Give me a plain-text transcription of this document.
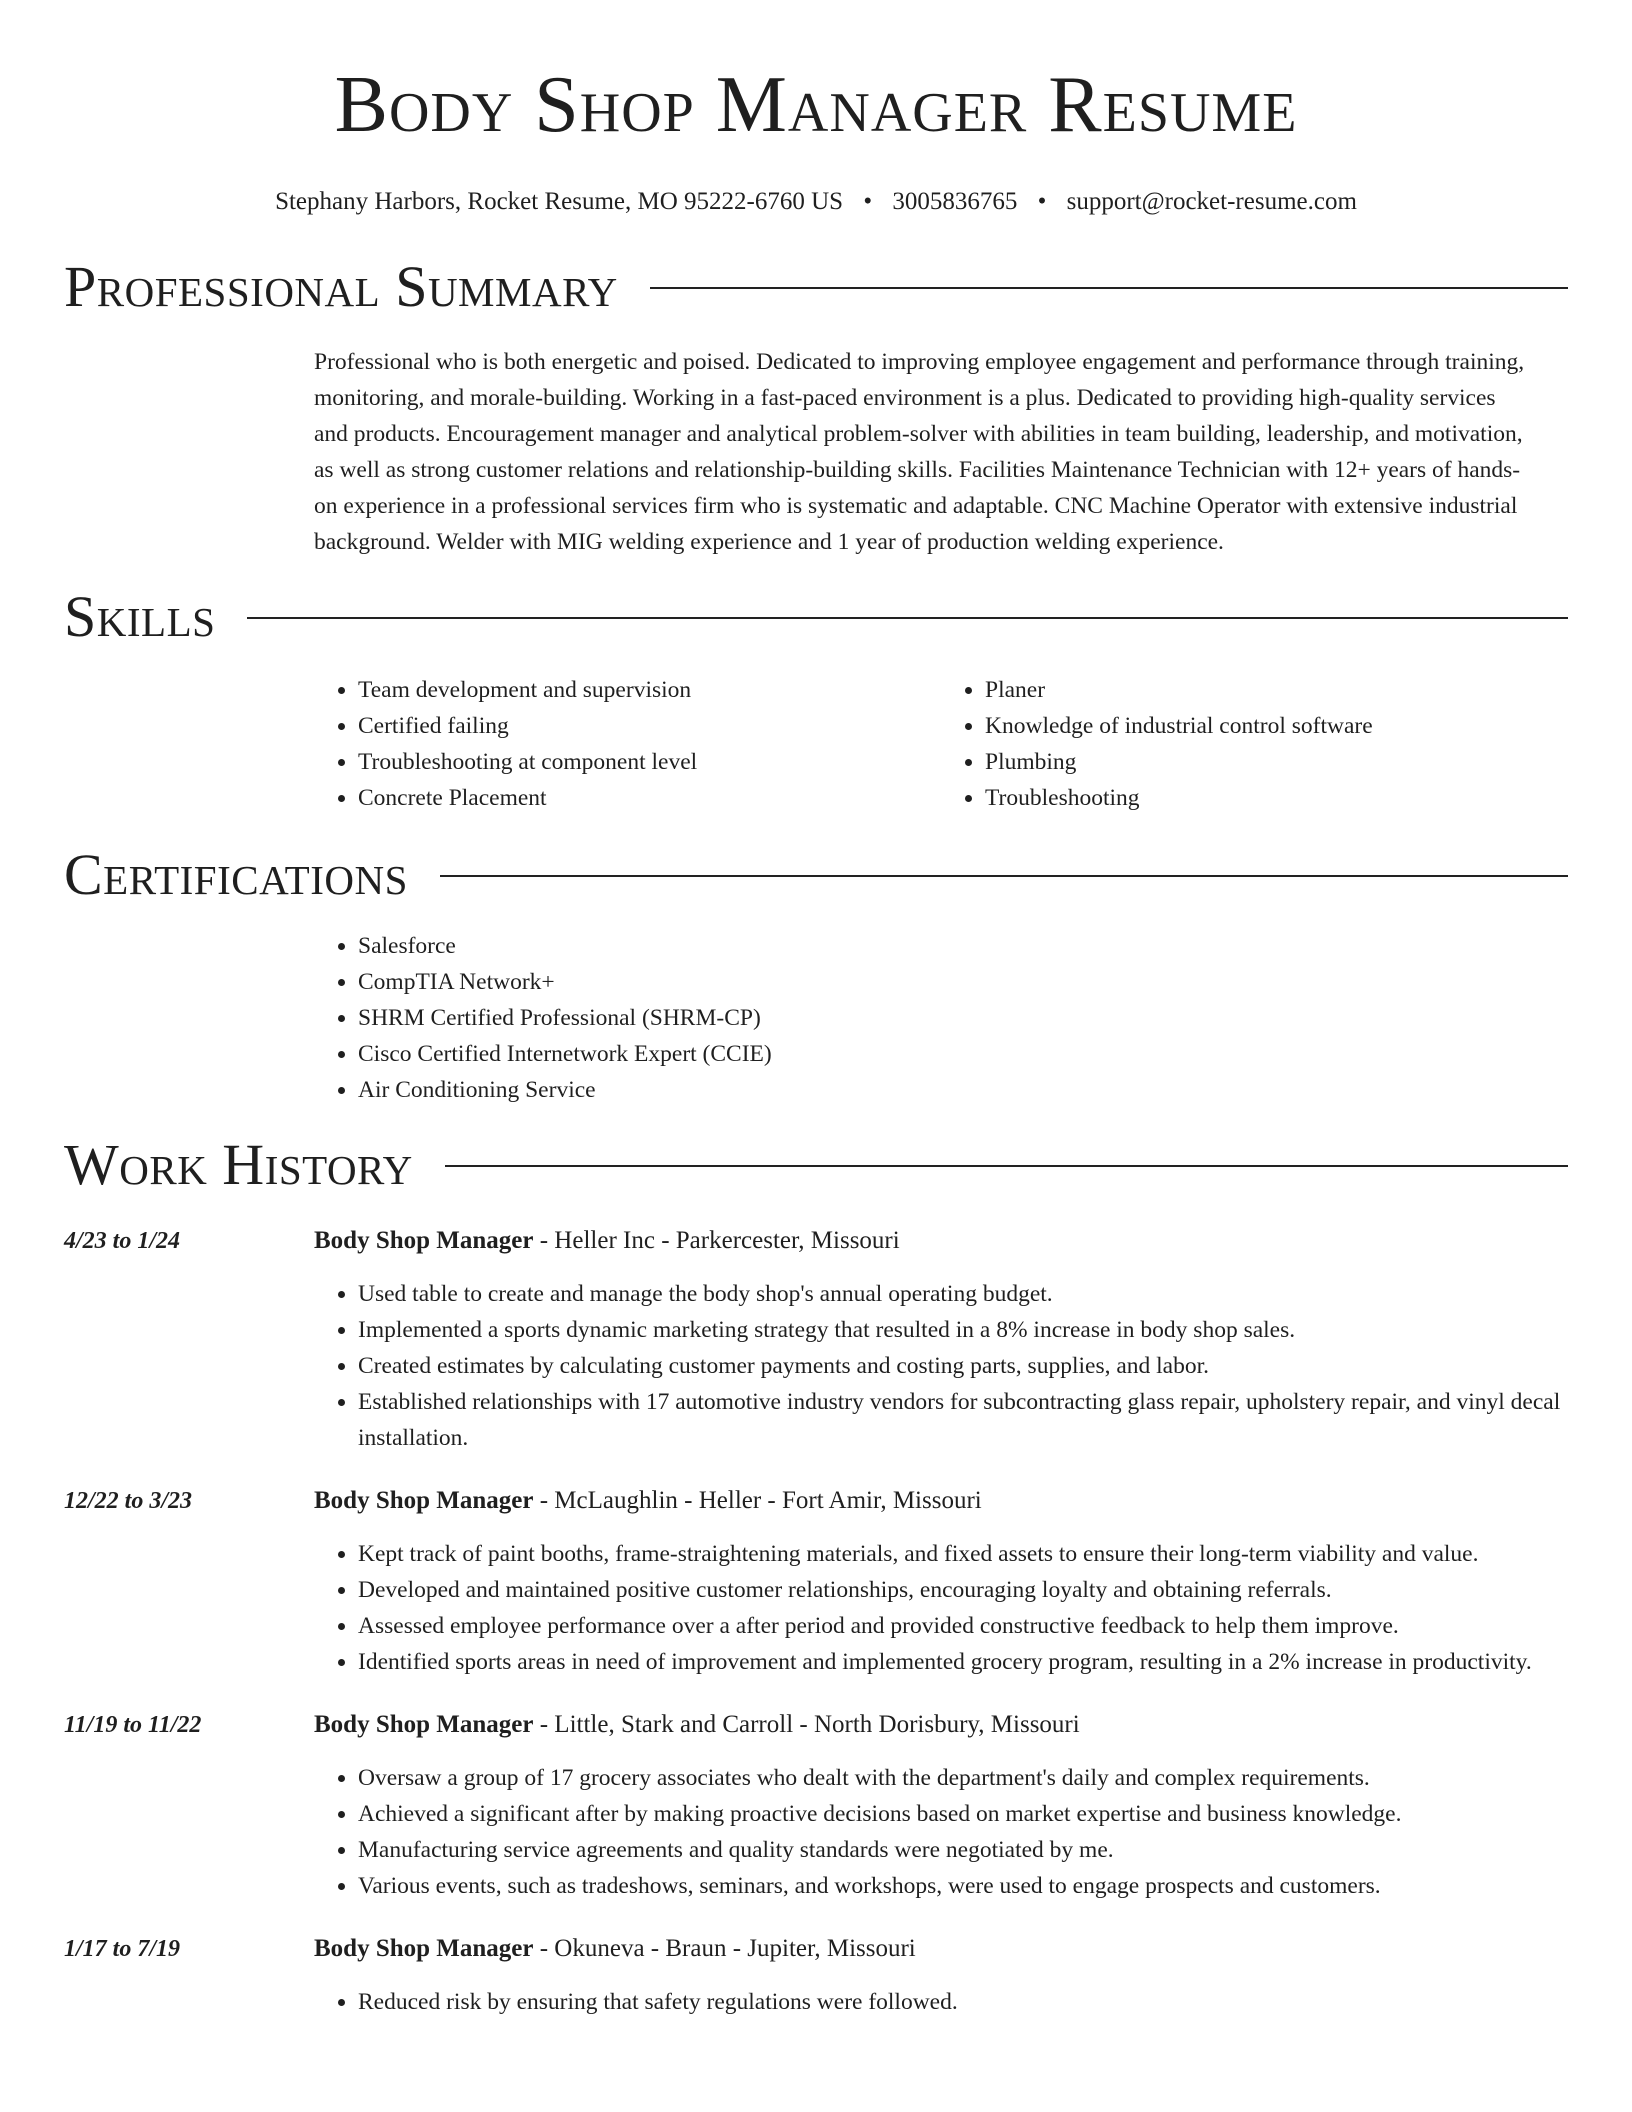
Body Shop Manager Resume
Stephany Harbors, Rocket Resume, MO 95222-6760 US • 3005836765 • support@rocket-resume.com
Professional Summary

Professional who is both energetic and poised. Dedicated to improving employee engagement and performance through training, monitoring, and morale-building. Working in a fast-paced environment is a plus. Dedicated to providing high-quality services and products. Encouragement manager and analytical problem-solver with abilities in team building, leadership, and motivation, as well as strong customer relations and relationship-building skills. Facilities Maintenance Technician with 12+ years of hands-on experience in a professional services firm who is systematic and adaptable. CNC Machine Operator with extensive industrial background. Welder with MIG welding experience and 1 year of production welding experience.

Skills
• Team development and supervision
• Certified failing
• Troubleshooting at component level
• Concrete Placement
• Planer
• Knowledge of industrial control software
• Plumbing
• Troubleshooting
Certifications
• Salesforce
• CompTIA Network+
• SHRM Certified Professional (SHRM-CP)
• Cisco Certified Internetwork Expert (CCIE)
• Air Conditioning Service
Work History
4/23 to 1/24	Body Shop Manager - Heller Inc - Parkercester, Missouri
• Used table to create and manage the body shop's annual operating budget.
• Implemented a sports dynamic marketing strategy that resulted in a 8% increase in body shop sales.
• Created estimates by calculating customer payments and costing parts, supplies, and labor.
• Established relationships with 17 automotive industry vendors for subcontracting glass repair, upholstery repair, and vinyl decal installation.
12/22 to 3/23	Body Shop Manager - McLaughlin - Heller - Fort Amir, Missouri
• Kept track of paint booths, frame-straightening materials, and fixed assets to ensure their long-term viability and value.
• Developed and maintained positive customer relationships, encouraging loyalty and obtaining referrals.
• Assessed employee performance over a after period and provided constructive feedback to help them improve.
• Identified sports areas in need of improvement and implemented grocery program, resulting in a 2% increase in productivity.
11/19 to 11/22	Body Shop Manager - Little, Stark and Carroll - North Dorisbury, Missouri
• Oversaw a group of 17 grocery associates who dealt with the department's daily and complex requirements.
• Achieved a significant after by making proactive decisions based on market expertise and business knowledge.
• Manufacturing service agreements and quality standards were negotiated by me.
• Various events, such as tradeshows, seminars, and workshops, were used to engage prospects and customers.
1/17 to 7/19	Body Shop Manager - Okuneva - Braun - Jupiter, Missouri
• Reduced risk by ensuring that safety regulations were followed.
